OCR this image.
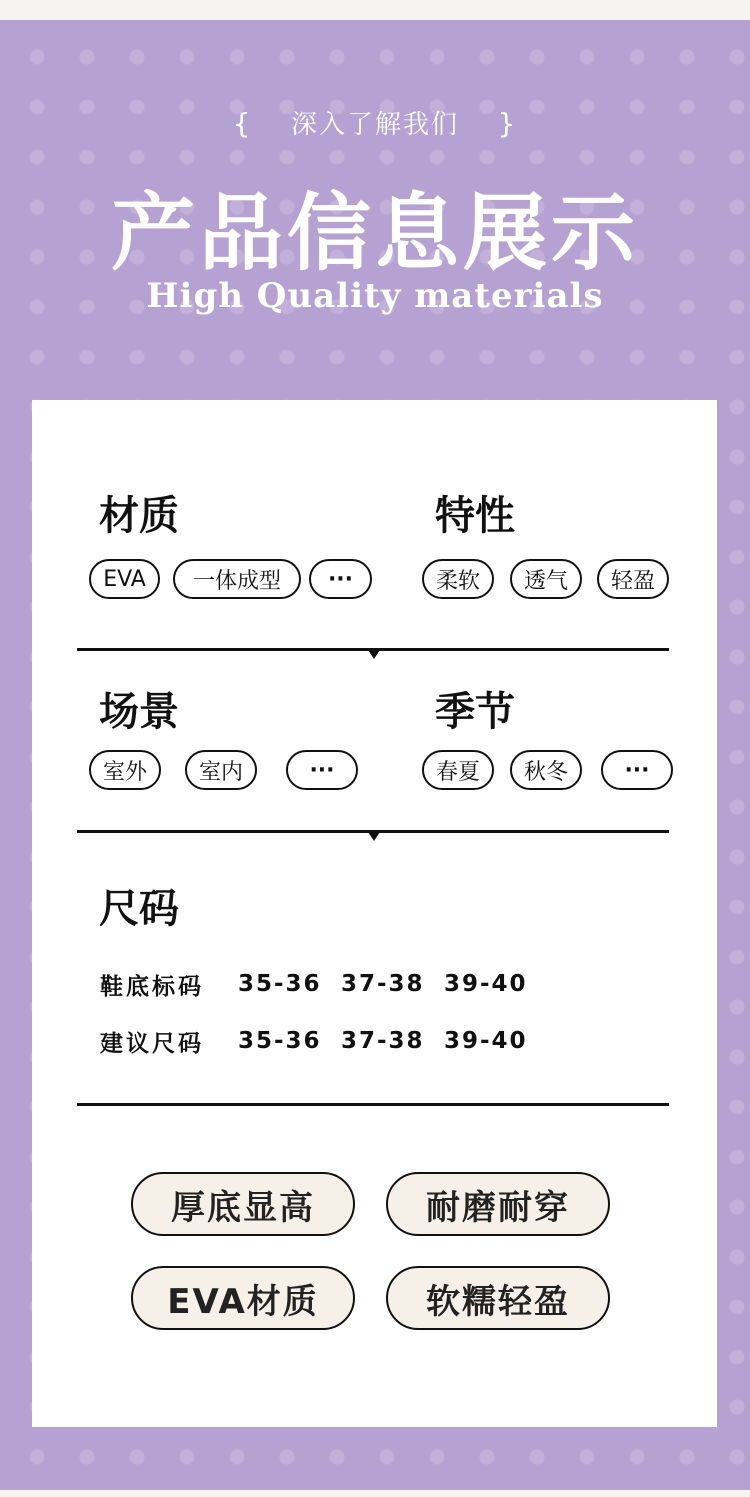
{ 深入了解我们 }
产品信息展示
High Quality materials
材质
EVA	一体成型	···
特性
柔软	透气	轻盈
场景
室外	室内	···
季节
春夏	秋冬	···
尺码
鞋底标码	35-36 37-38 39-40
建议尺码	35-36 37-38 39-40
厚底显高	耐磨耐穿
EVA材质	软糯轻盈
